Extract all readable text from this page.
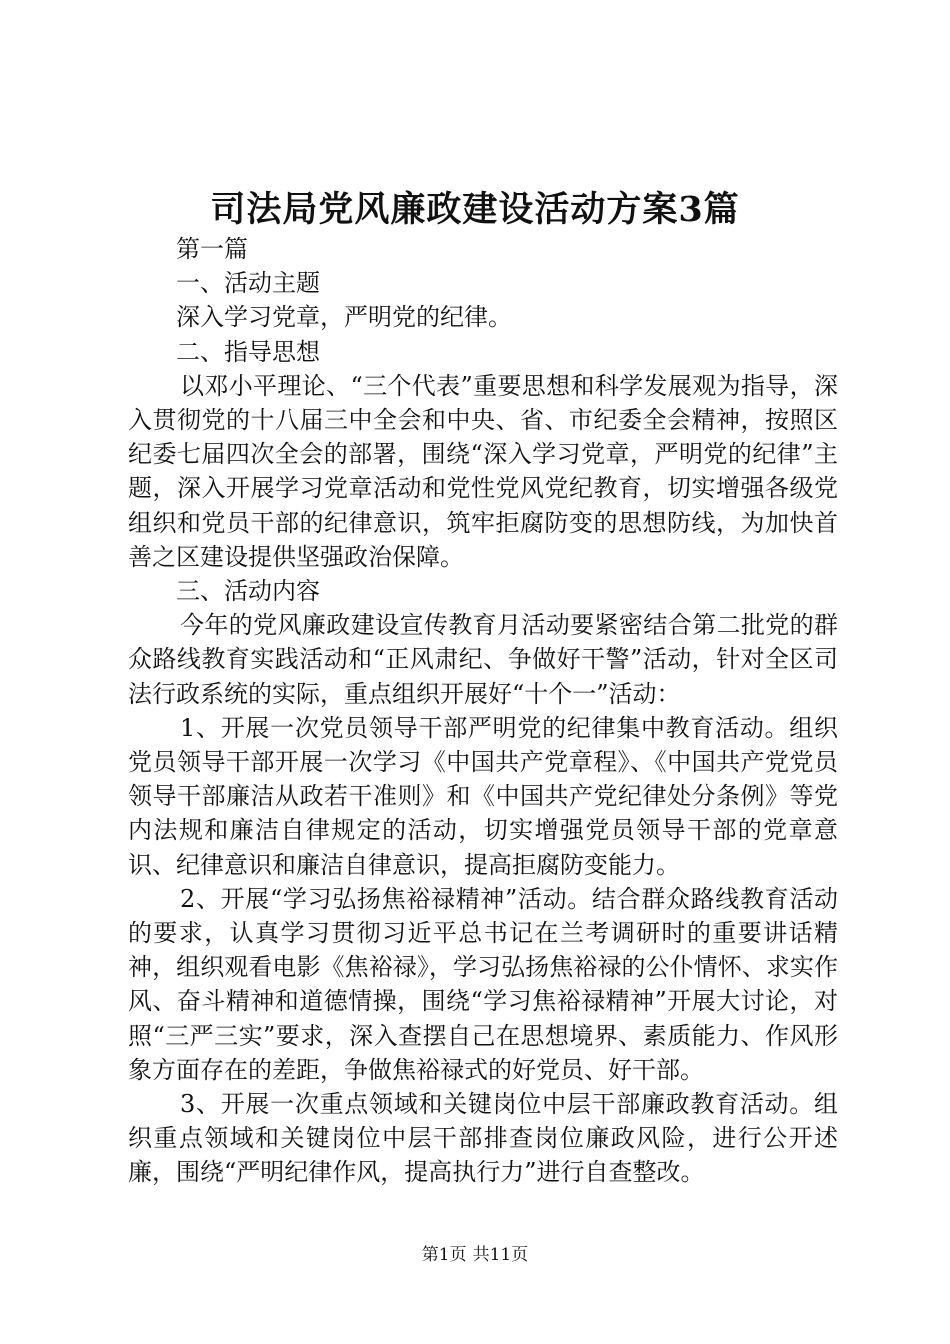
司法局党风廉政建设活动方案3篇

第一篇

一、活动主题

深入学习党章，严明党的纪律。

二、指导思想

以邓小平理论、“三个代表”重要思想和科学发展观为指导，深入贯彻党的十八届三中全会和中央、省、市纪委全会精神，按照区纪委七届四次全会的部署，围绕“深入学习党章，严明党的纪律”主题，深入开展学习党章活动和党性党风党纪教育，切实增强各级党组织和党员干部的纪律意识，筑牢拒腐防变的思想防线，为加快首善之区建设提供坚强政治保障。

三、活动内容

今年的党风廉政建设宣传教育月活动要紧密结合第二批党的群众路线教育实践活动和“正风肃纪、争做好干警”活动，针对全区司法行政系统的实际，重点组织开展好“十个一”活动：

1、开展一次党员领导干部严明党的纪律集中教育活动。组织党员领导干部开展一次学习《中国共产党章程》、《中国共产党党员领导干部廉洁从政若干准则》和《中国共产党纪律处分条例》等党内法规和廉洁自律规定的活动，切实增强党员领导干部的党章意识、纪律意识和廉洁自律意识，提高拒腐防变能力。

2、开展“学习弘扬焦裕禄精神”活动。结合群众路线教育活动的要求，认真学习贯彻习近平总书记在兰考调研时的重要讲话精神，组织观看电影《焦裕禄》，学习弘扬焦裕禄的公仆情怀、求实作风、奋斗精神和道德情操，围绕“学习焦裕禄精神”开展大讨论，对照“三严三实”要求，深入查摆自己在思想境界、素质能力、作风形象方面存在的差距，争做焦裕禄式的好党员、好干部。

3、开展一次重点领域和关键岗位中层干部廉政教育活动。组织重点领域和关键岗位中层干部排查岗位廉政风险，进行公开述廉，围绕“严明纪律作风，提高执行力”进行自查整改。

第1页 共11页
